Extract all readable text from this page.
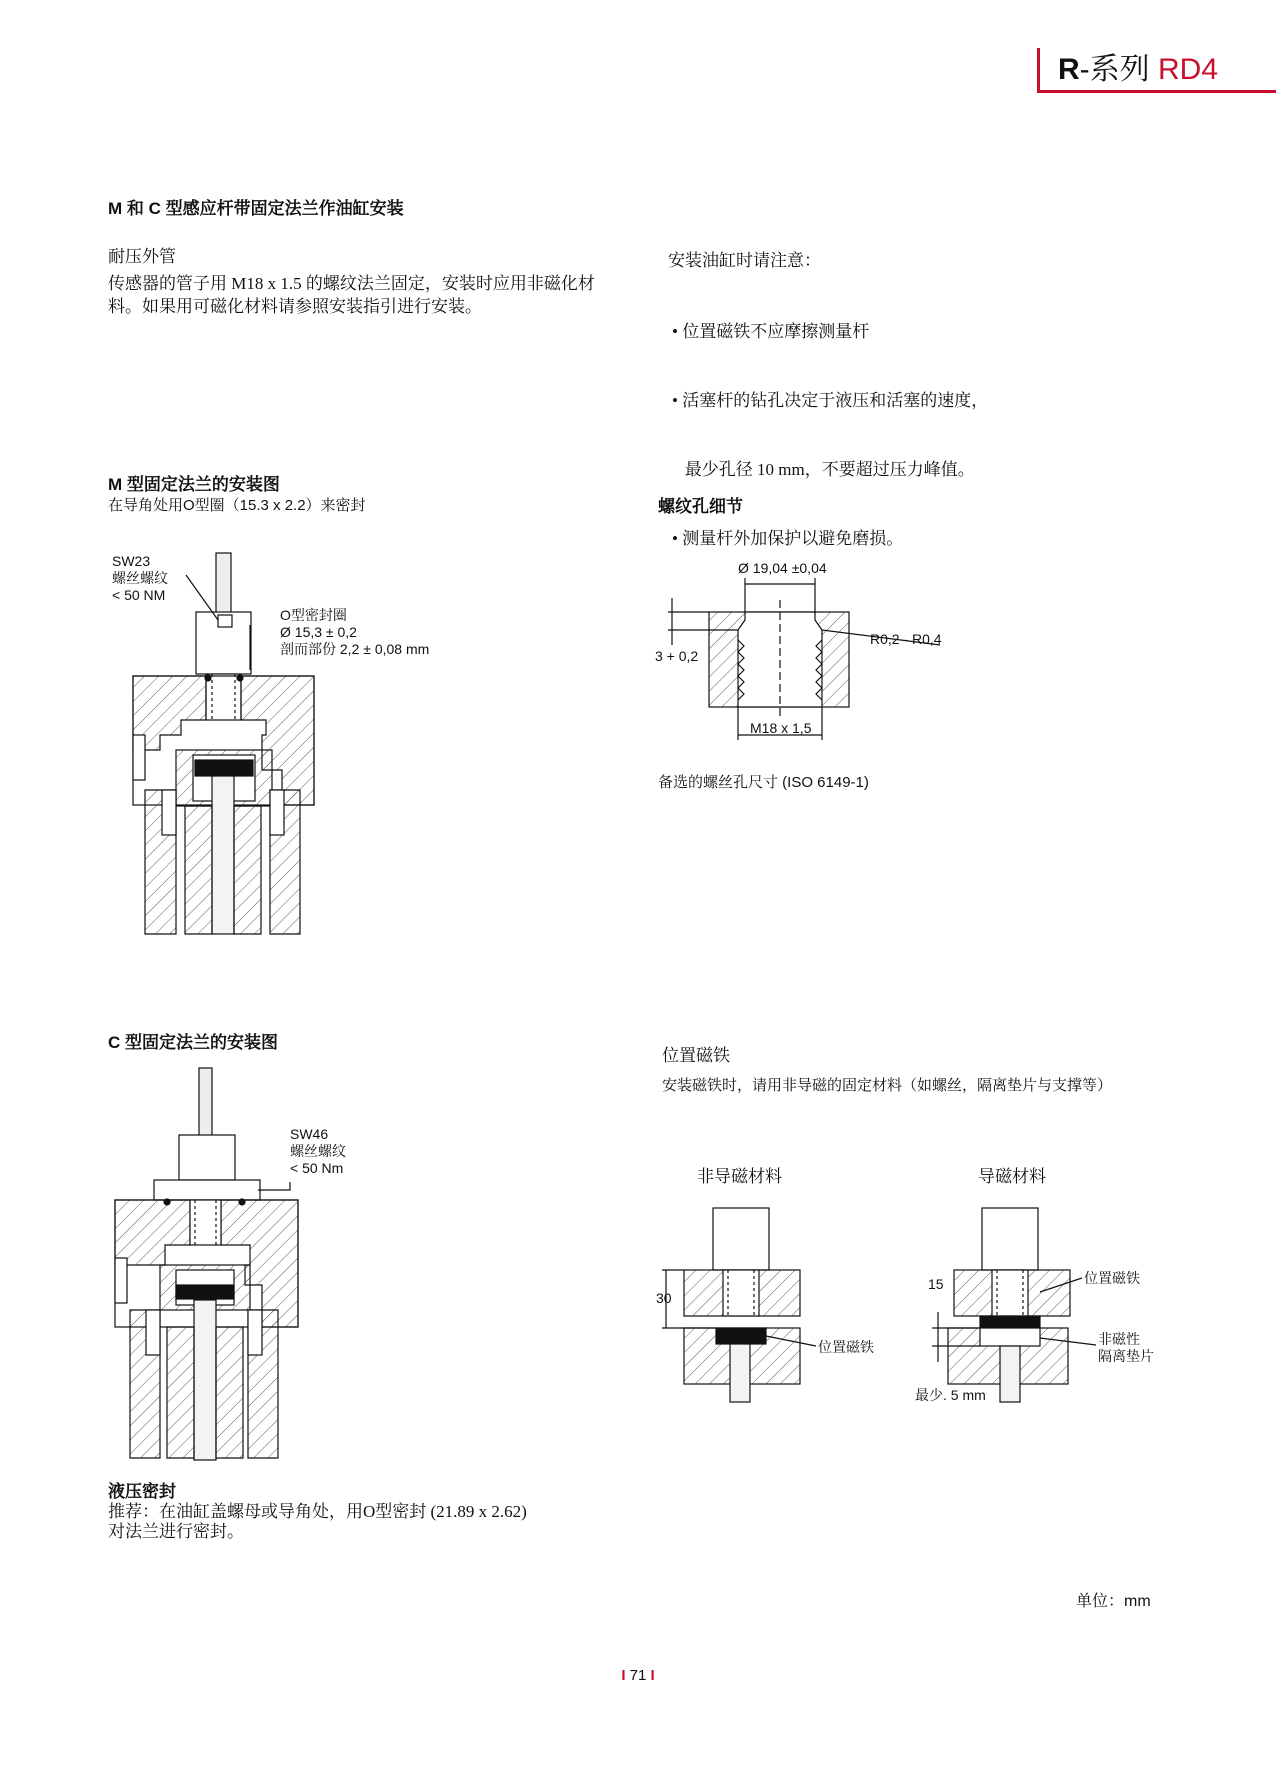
R-系列 RD4
M 和 C 型感应杆带固定法兰作油缸安装
耐压外管
传感器的管子用 M18 x 1.5 的螺纹法兰固定，安装时应用非磁化材
料。如果用可磁化材料请参照安装指引进行安装。
安装油缸时请注意：

• 位置磁铁不应摩擦测量杆

• 活塞杆的钻孔决定于液压和活塞的速度，

最少孔径 10 mm，不要超过压力峰值。

• 测量杆外加保护以避免磨损。

M 型固定法兰的安装图
在导角处用O型圈（15.3 x 2.2）来密封
SW23
螺丝螺纹
< 50 NM
O型密封圈
Ø 15,3 ± 0,2
剖而部份 2,2 ± 0,08 mm
螺纹孔细节
Ø 19,04 ±0,04
3 + 0,2
R0,2 - R0,4
M18 x 1,5
备选的螺丝孔尺寸 (ISO 6149-1)
C 型固定法兰的安装图
SW46
螺丝螺纹
< 50 Nm
液压密封
推荐：在油缸盖螺母或导角处，用O型密封 (21.89 x 2.62)
对法兰进行密封。
位置磁铁
安装磁铁时，请用非导磁的固定材料（如螺丝，隔离垫片与支撑等）
非导磁材料	导磁材料
30
15
位置磁铁
位置磁铁
非磁性
隔离垫片
最少. 5 mm
单位：mm
I 71 I
